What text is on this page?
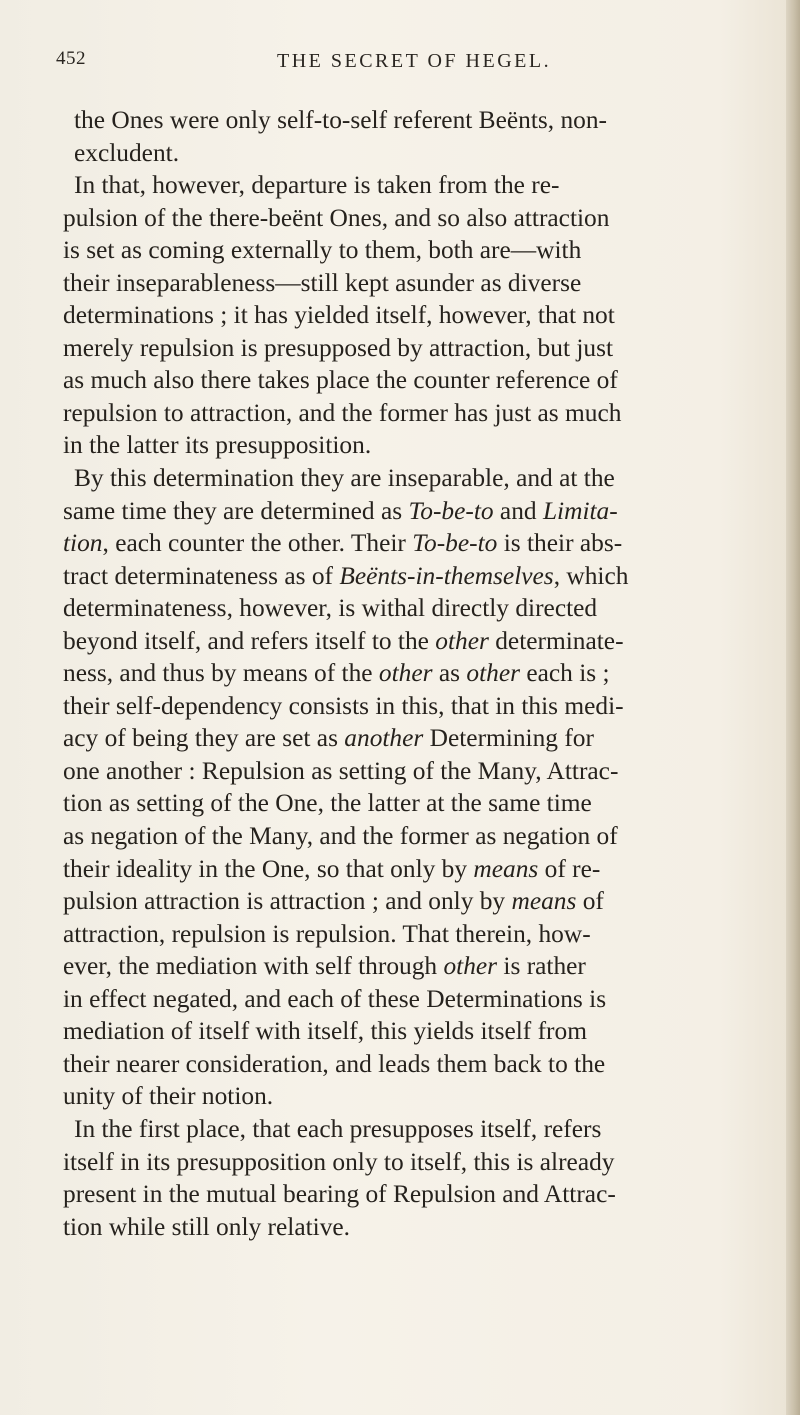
452	THE SECRET OF HEGEL.
the Ones were only self-to-self referent Beënts, non-
excludent.
In that, however, departure is taken from the re-
pulsion of the there-beënt Ones, and so also attraction
is set as coming externally to them, both are—with
their inseparableness—still kept asunder as diverse
determinations ; it has yielded itself, however, that not
merely repulsion is presupposed by attraction, but just
as much also there takes place the counter reference of
repulsion to attraction, and the former has just as much
in the latter its presupposition.
By this determination they are inseparable, and at the
same time they are determined as To-be-to and Limita-
tion, each counter the other. Their To-be-to is their abs-
tract determinateness as of Beënts-in-themselves, which
determinateness, however, is withal directly directed
beyond itself, and refers itself to the other determinate-
ness, and thus by means of the other as other each is ;
their self-dependency consists in this, that in this medi-
acy of being they are set as another Determining for
one another : Repulsion as setting of the Many, Attrac-
tion as setting of the One, the latter at the same time
as negation of the Many, and the former as negation of
their ideality in the One, so that only by means of re-
pulsion attraction is attraction ; and only by means of
attraction, repulsion is repulsion. That therein, how-
ever, the mediation with self through other is rather
in effect negated, and each of these Determinations is
mediation of itself with itself, this yields itself from
their nearer consideration, and leads them back to the
unity of their notion.
In the first place, that each presupposes itself, refers
itself in its presupposition only to itself, this is already
present in the mutual bearing of Repulsion and Attrac-
tion while still only relative.
